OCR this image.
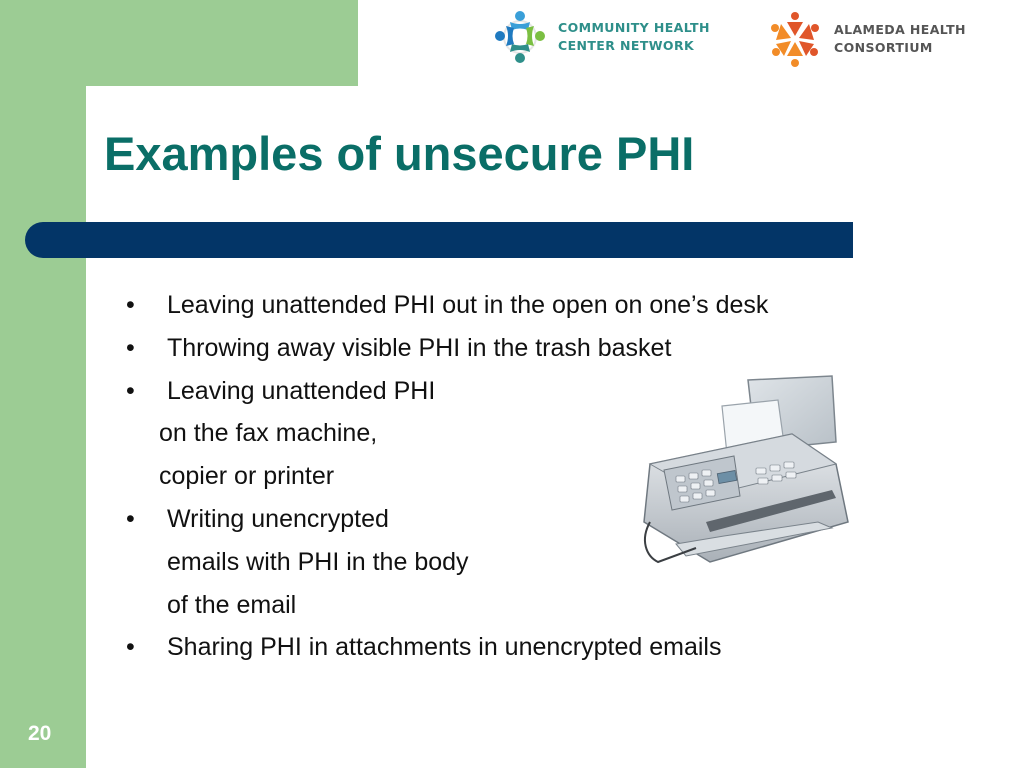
COMMUNITY HEALTH
CENTER NETWORK
ALAMEDA HEALTH
CONSORTIUM
Examples of unsecure PHI
• Leaving unattended PHI out in the open on one’s desk
• Throwing away visible PHI in the trash basket
• Leaving unattended PHI
on the fax machine,
copier or printer
• Writing unencrypted
emails with PHI in the body
of the email
• Sharing PHI in attachments in unencrypted emails
20
